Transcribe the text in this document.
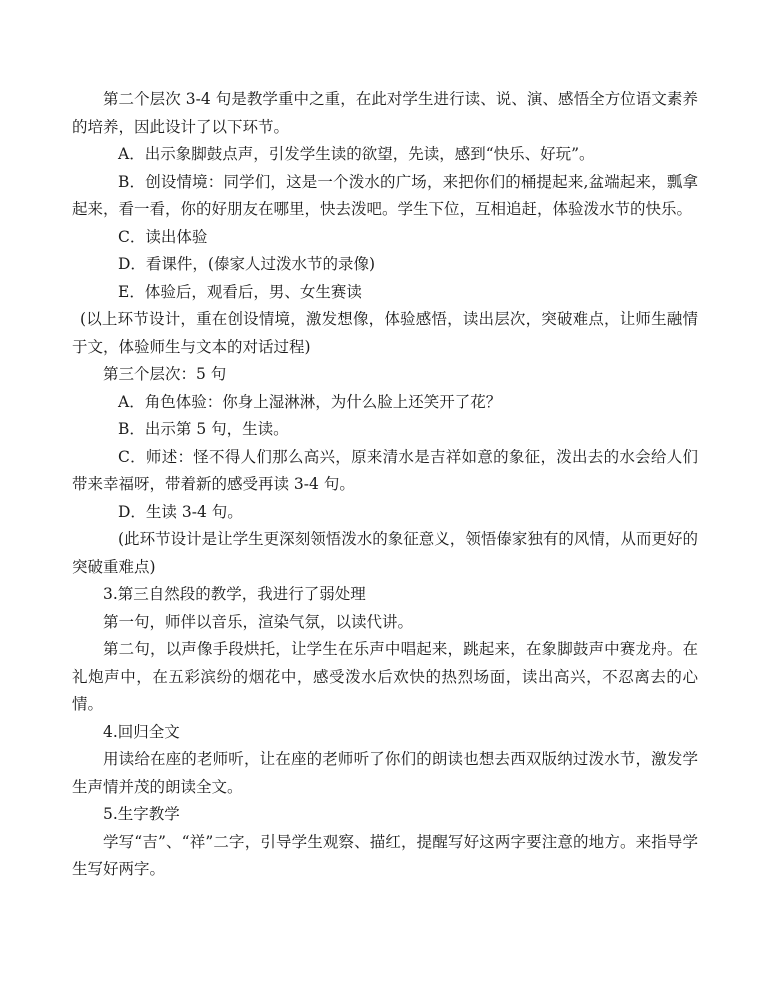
第二个层次 3-4 句是教学重中之重，在此对学生进行读、说、演、感悟全方位语文素养的培养，因此设计了以下环节。

A．出示象脚鼓点声，引发学生读的欲望，先读，感到“快乐、好玩”。

B．创设情境：同学们，这是一个泼水的广场，来把你们的桶提起来,盆端起来，瓢拿起来，看一看，你的好朋友在哪里，快去泼吧。学生下位，互相追赶，体验泼水节的快乐。

C．读出体验

D．看课件，(傣家人过泼水节的录像)

E．体验后，观看后，男、女生赛读

(以上环节设计，重在创设情境，激发想像，体验感悟，读出层次，突破难点，让师生融情于文，体验师生与文本的对话过程)

第三个层次：5 句

A．角色体验：你身上湿淋淋，为什么脸上还笑开了花？

B．出示第 5 句，生读。

C．师述：怪不得人们那么高兴，原来清水是吉祥如意的象征，泼出去的水会给人们带来幸福呀，带着新的感受再读 3-4 句。

D．生读 3-4 句。

(此环节设计是让学生更深刻领悟泼水的象征意义，领悟傣家独有的风情，从而更好的突破重难点)

3.第三自然段的教学，我进行了弱处理

第一句，师伴以音乐，渲染气氛，以读代讲。

第二句，以声像手段烘托，让学生在乐声中唱起来，跳起来，在象脚鼓声中赛龙舟。在礼炮声中，在五彩滨纷的烟花中，感受泼水后欢快的热烈场面，读出高兴，不忍离去的心情。

4.回归全文

用读给在座的老师听，让在座的老师听了你们的朗读也想去西双版纳过泼水节，激发学生声情并茂的朗读全文。

5.生字教学

学写“吉”、“祥”二字，引导学生观察、描红，提醒写好这两字要注意的地方。来指导学生写好两字。
